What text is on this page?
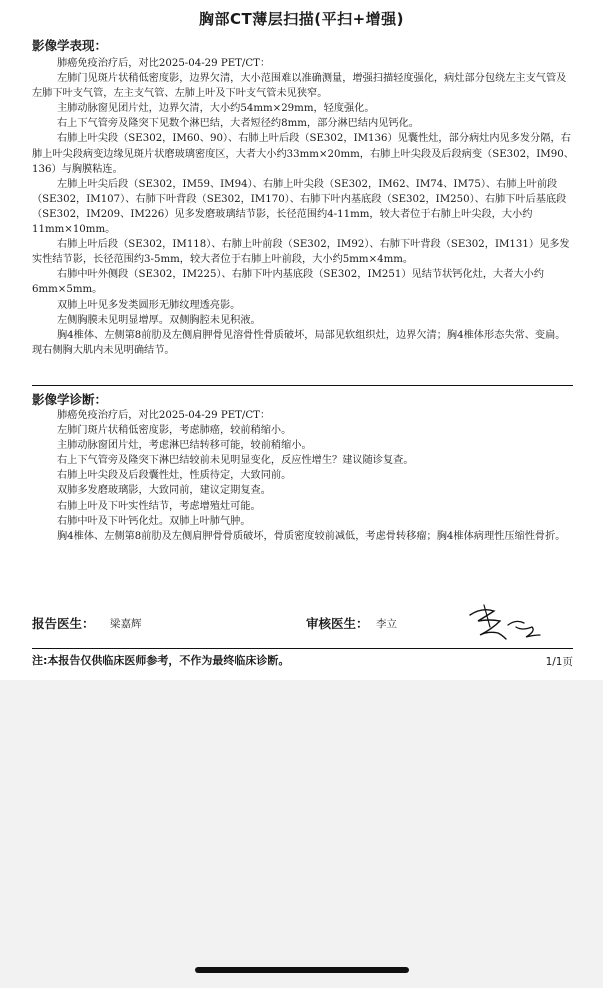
胸部CT薄层扫描(平扫+增强)
影像学表现：

肺癌免疫治疗后，对比2025-04-29 PET/CT：

左肺门见斑片状稍低密度影，边界欠清，大小范围难以准确测量，增强扫描轻度强化，病灶部分包绕左主支气管及左肺下叶支气管，左主支气管、左肺上叶及下叶支气管未见狭窄。

主肺动脉窗见团片灶，边界欠清，大小约54mm×29mm，轻度强化。

右上下气管旁及隆突下见数个淋巴结，大者短径约8mm，部分淋巴结内见钙化。

右肺上叶尖段（SE302，IM60、90）、右肺上叶后段（SE302，IM136）见囊性灶，部分病灶内见多发分隔，右肺上叶尖段病变边缘见斑片状磨玻璃密度区，大者大小约33mm×20mm，右肺上叶尖段及后段病变（SE302，IM90、136）与胸膜粘连。

左肺上叶尖后段（SE302，IM59、IM94）、右肺上叶尖段（SE302，IM62、IM74、IM75）、右肺上叶前段（SE302，IM107）、右肺下叶背段（SE302，IM170）、右肺下叶内基底段（SE302，IM250）、右肺下叶后基底段（SE302，IM209、IM226）见多发磨玻璃结节影，长径范围约4-11mm，较大者位于右肺上叶尖段，大小约11mm×10mm。

右肺上叶后段（SE302，IM118）、右肺上叶前段（SE302，IM92）、右肺下叶背段（SE302，IM131）见多发实性结节影，长径范围约3-5mm，较大者位于右肺上叶前段，大小约5mm×4mm。

右肺中叶外侧段（SE302，IM225）、右肺下叶内基底段（SE302，IM251）见结节状钙化灶，大者大小约6mm×5mm。

双肺上叶见多发类圆形无肺纹理透亮影。

左侧胸膜未见明显增厚。双侧胸腔未见积液。

胸4椎体、左侧第8前肋及左侧肩胛骨见溶骨性骨质破坏，局部见软组织灶，边界欠清；胸4椎体形态失常、变扁。现右侧胸大肌内未见明确结节。

影像学诊断：

肺癌免疫治疗后，对比2025-04-29 PET/CT：

左肺门斑片状稍低密度影，考虑肺癌，较前稍缩小。

主肺动脉窗团片灶，考虑淋巴结转移可能，较前稍缩小。

右上下气管旁及隆突下淋巴结较前未见明显变化，反应性增生？建议随诊复查。

右肺上叶尖段及后段囊性灶，性质待定，大致同前。

双肺多发磨玻璃影，大致同前，建议定期复查。

右肺上叶及下叶实性结节，考虑增殖灶可能。

右肺中叶及下叶钙化灶。双肺上叶肺气肿。

胸4椎体、左侧第8前肋及左侧肩胛骨骨质破坏，骨质密度较前减低，考虑骨转移瘤；胸4椎体病理性压缩性骨折。

报告医生： 梁嘉辉	审核医生： 李立
注:本报告仅供临床医师参考，不作为最终临床诊断。	1/1页
